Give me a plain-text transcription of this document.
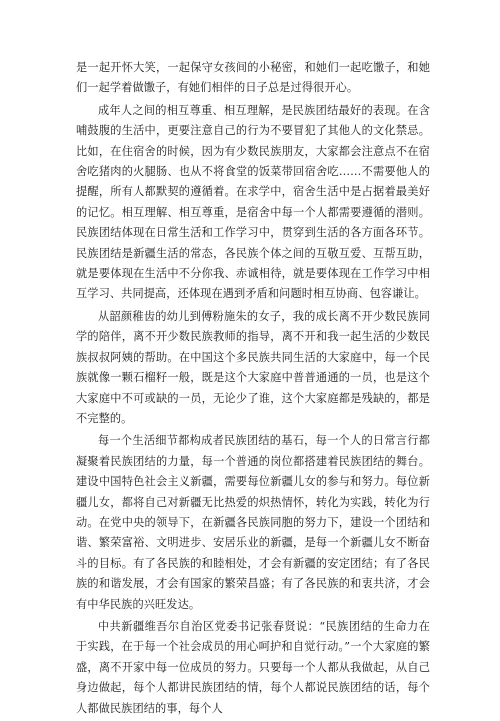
是一起开怀大笑，一起保守女孩间的小秘密，和她们一起吃馓子，和她们一起学着做馓子，有她们相伴的日子总是过得很开心。

成年人之间的相互尊重、相互理解，是民族团结最好的表现。在含哺鼓腹的生活中，更要注意自己的行为不要冒犯了其他人的文化禁忌。比如，在住宿舍的时候，因为有少数民族朋友，大家都会注意点不在宿舍吃猪肉的火腿肠、也从不将食堂的饭菜带回宿舍吃……不需要他人的提醒，所有人都默契的遵循着。在求学中，宿舍生活中是占据着最美好的记忆。相互理解、相互尊重，是宿舍中每一个人都需要遵循的潜则。民族团结体现在日常生活和工作学习中，贯穿到生活的各方面各环节。民族团结是新疆生活的常态，各民族个体之间的互敬互爱、互帮互助，就是要体现在生活中不分你我、赤诚相待，就是要体现在工作学习中相互学习、共同提高，还体现在遇到矛盾和问题时相互协商、包容谦让。

从韶颜稚齿的幼儿到傅粉施朱的女子，我的成长离不开少数民族同学的陪伴，离不开少数民族教师的指导，离不开和我一起生活的少数民族叔叔阿姨的帮助。在中国这个多民族共同生活的大家庭中，每一个民族就像一颗石榴籽一般，既是这个大家庭中普普通通的一员，也是这个大家庭中不可或缺的一员，无论少了谁，这个大家庭都是残缺的，都是不完整的。

每一个生活细节都构成者民族团结的基石，每一个人的日常言行都凝聚着民族团结的力量，每一个普通的岗位都搭建着民族团结的舞台。建设中国特色社会主义新疆，需要每位新疆儿女的参与和努力。每位新疆儿女，都将自己对新疆无比热爱的炽热情怀，转化为实践，转化为行动。在党中央的领导下，在新疆各民族同胞的努力下，建设一个团结和谐、繁荣富裕、文明进步、安居乐业的新疆，是每一个新疆儿女不断奋斗的目标。有了各民族的和睦相处，才会有新疆的安定团结；有了各民族的和谐发展，才会有国家的繁荣昌盛；有了各民族的和衷共济，才会有中华民族的兴旺发达。

中共新疆维吾尔自治区党委书记张春贤说：“民族团结的生命力在于实践，在于每一个社会成员的用心呵护和自觉行动。”一个大家庭的繁盛，离不开家中每一位成员的努力。只要每一个人都从我做起，从自己身边做起，每个人都讲民族团结的情，每个人都说民族团结的话，每个人都做民族团结的事，每个人
